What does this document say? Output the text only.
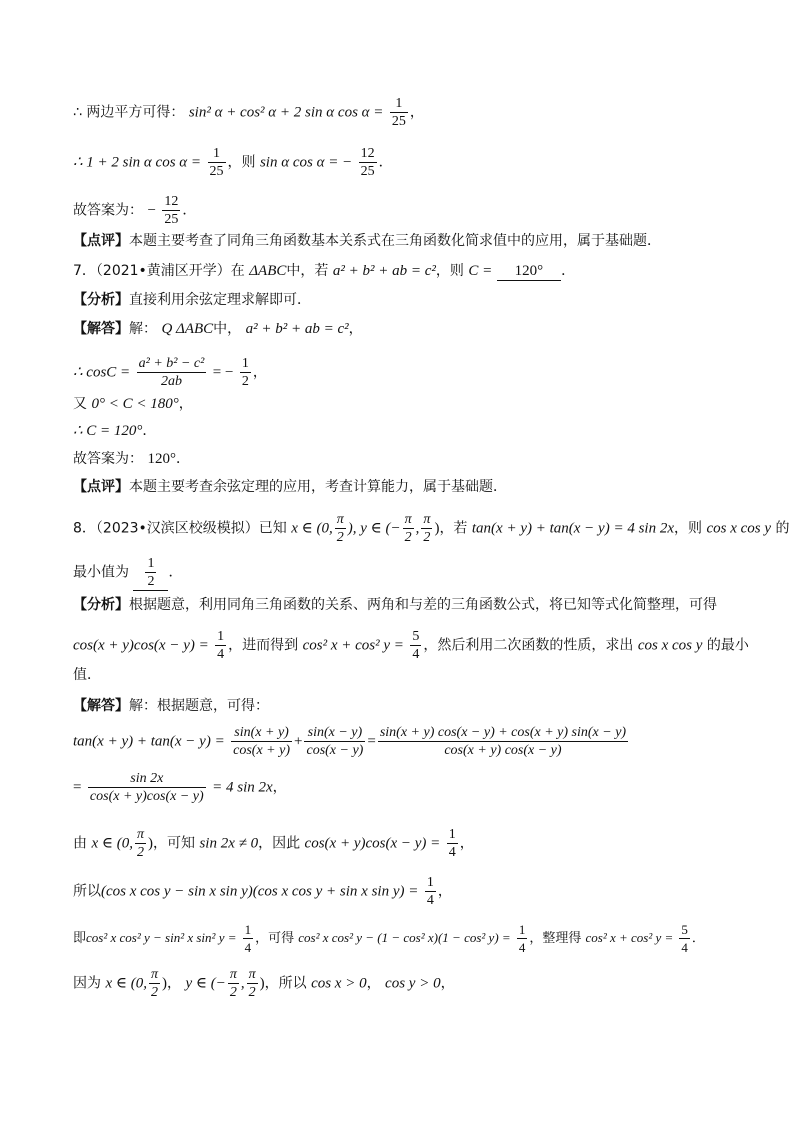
∴ 两边平方可得： sin² α + cos² α + 2 sin α $\cos \alpha = \frac{1}{25}$ ，
∴ 1 + 2 sin α $\cos \alpha = \frac{1}{25}$ ，则 sin α cos α = − $\frac{12}{25}$ ．
故答案为： − $\frac{12}{25}$ ．
【点评】本题主要考查了同角三角函数基本关系式在三角函数化简求值中的应用，属于基础题．
7．（2021•黄浦区开学）在 ΔABC中，若 a² + b² + ab = c²，则 C = 120° ．
【分析】直接利用余弦定理求解即可．
【解答】解： Q ΔABC中， a² + b² + ab = c²，
∴ $\cos C = \frac{\text{a² + b² − c²}}{2ab}$ = − $\frac{1}{2}$ ，
又 0° < C < 180°，
∴ C = 120°．
故答案为： 120°．
【点评】本题主要考查余弦定理的应用，考查计算能力，属于基础题．
8．（2023•汉滨区校级模拟）已知 x ∈ (0, $\frac{\pi}{2}$ ), y ∈ (− $\frac{\pi}{2}$ , $\frac{\pi}{2}$ )，若 tan(x + y) + tan(x − y) = 4 sin 2x，则 cos x cos y 的
最小值为 $\frac{1}{2}$ ．
【分析】根据题意，利用同角三角函数的关系、两角和与差的三角函数公式，将已知等式化简整理，可得
$\cos(x + y)\cos(x - y) = \frac{1}{4}$ ，进而得到 cos² x + cos² $y = \frac{5}{4}$ ，然后利用二次函数的性质，求出 cos x cos y 的最小
值．
【解答】解：根据题意，可得：
$\tan(x + y) + \tan(x - y) = \frac{\sin(x + y)}{\cos(x + y)} + \frac{\sin(x - y)}{\cos(x - y)} = \frac{\sin(x + y) \cos(x - y) + \cos(x + y) \sin(x - y)}{\cos(x + y) \cos(x - y)}$
= $\frac{\sin 2x}{\cos(x + y)\cos(x - y)} = 4$ sin 2x，
由 x ∈ (0, $\frac{\pi}{2}$ )，可知 sin 2x ≠ 0，因此 $\cos(x + y)\cos(x - y) = \frac{1}{4}$ ，
所以(cos x cos y − sin x sin y)(cos x cos y + sin x $\sin y) = \frac{1}{4}$ ，
即cos² x cos² y − sin² x sin² $y = \frac{1}{4}$ ，可得 cos² x cos² y − (1 − cos² x)(1 − cos² $y) = \frac{1}{4}$ ，整理得 cos² x + cos² $y = \frac{5}{4}$ ．
因为 x ∈ (0, $\frac{\pi}{2}$ )， y ∈ (− $\frac{\pi}{2}$ , $\frac{\pi}{2}$ )，所以 cos x > 0， cos y > 0，
